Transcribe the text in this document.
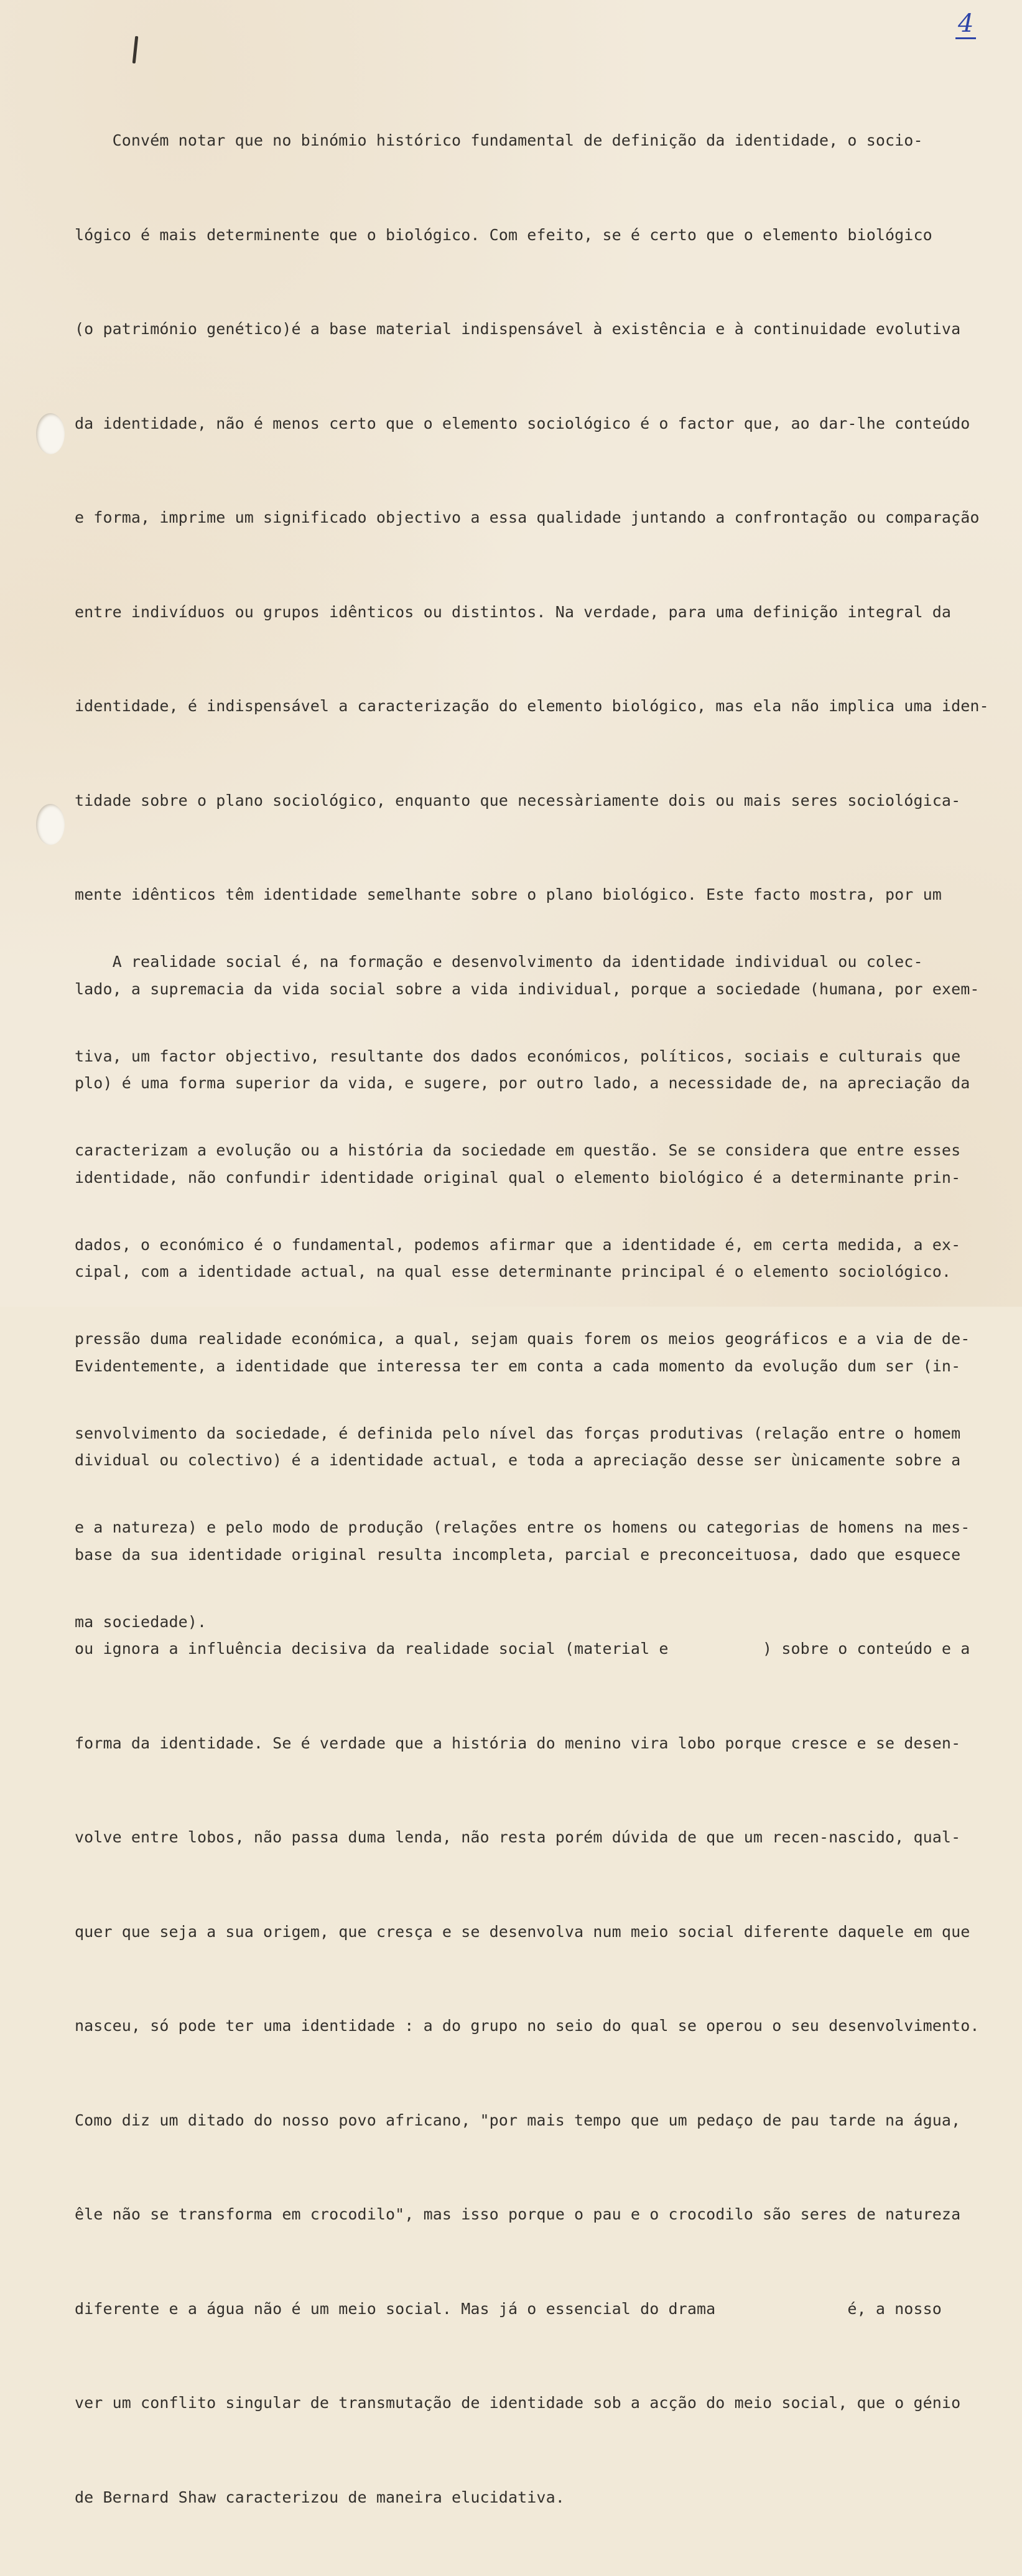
4

Convém notar que no binómio histórico fundamental de definição da identidade, o socio-

lógico é mais determinente que o biológico. Com efeito, se é certo que o elemento biológico

(o património genético)é a base material indispensável à existência e à continuidade evolutiva

da identidade, não é menos certo que o elemento sociológico é o factor que, ao dar-lhe conteúdo

e forma, imprime um significado objectivo a essa qualidade juntando a confrontação ou comparação

entre indivíduos ou grupos idênticos ou distintos. Na verdade, para uma definição integral da

identidade, é indispensável a caracterização do elemento biológico, mas ela não implica uma iden-

tidade sobre o plano sociológico, enquanto que necessàriamente dois ou mais seres sociológica-

mente idênticos têm identidade semelhante sobre o plano biológico. Este facto mostra, por um

lado, a supremacia da vida social sobre a vida individual, porque a sociedade (humana, por exem-

plo) é uma forma superior da vida, e sugere, por outro lado, a necessidade de, na apreciação da

identidade, não confundir identidade original qual o elemento biológico é a determinante prin-

cipal, com a identidade actual, na qual esse determinante principal é o elemento sociológico.

Evidentemente, a identidade que interessa ter em conta a cada momento da evolução dum ser (in-

dividual ou colectivo) é a identidade actual, e toda a apreciação desse ser ùnicamente sobre a

base da sua identidade original resulta incompleta, parcial e preconceituosa, dado que esquece

ou ignora a influência decisiva da realidade social (material e          ) sobre o conteúdo e a

forma da identidade. Se é verdade que a história do menino vira lobo porque cresce e se desen-

volve entre lobos, não passa duma lenda, não resta porém dúvida de que um recen-nascido, qual-

quer que seja a sua origem, que cresça e se desenvolva num meio social diferente daquele em que

nasceu, só pode ter uma identidade : a do grupo no seio do qual se operou o seu desenvolvimento.

Como diz um ditado do nosso povo africano, "por mais tempo que um pedaço de pau tarde na água,

êle não se transforma em crocodilo", mas isso porque o pau e o crocodilo são seres de natureza

diferente e a água não é um meio social. Mas já o essencial do drama              é, a nosso

ver um conflito singular de transmutação de identidade sob a acção do meio social, que o génio

de Bernard Shaw caracterizou de maneira elucidativa.

A realidade social é, na formação e desenvolvimento da identidade individual ou colec-

tiva, um factor objectivo, resultante dos dados económicos, políticos, sociais e culturais que

caracterizam a evolução ou a história da sociedade em questão. Se se considera que entre esses

dados, o económico é o fundamental, podemos afirmar que a identidade é, em certa medida, a ex-

pressão duma realidade económica, a qual, sejam quais forem os meios geográficos e a via de de-

senvolvimento da sociedade, é definida pelo nível das forças produtivas (relação entre o homem

e a natureza) e pelo modo de produção (relações entre os homens ou categorias de homens na mes-

ma sociedade).
